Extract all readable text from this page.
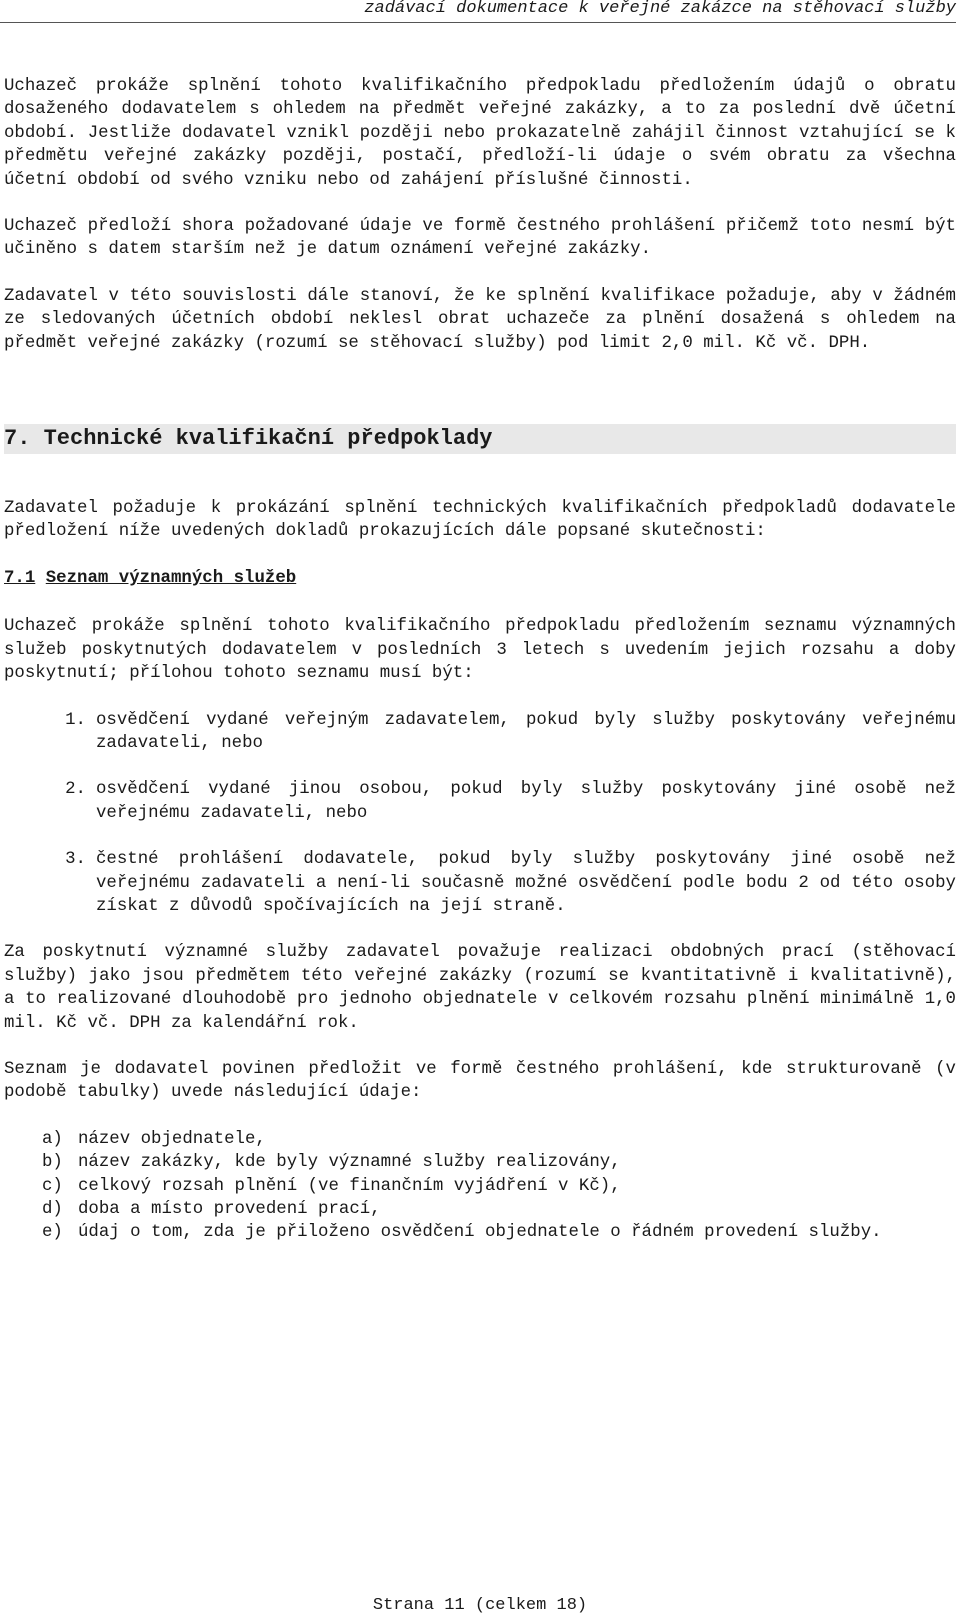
zadávací dokumentace k veřejné zakázce na stěhovací služby

Uchazeč prokáže splnění tohoto kvalifikačního předpokladu předložením údajů o obratu dosaženého dodavatelem s ohledem na předmět veřejné zakázky, a to za poslední dvě účetní období. Jestliže dodavatel vznikl později nebo prokazatelně zahájil činnost vztahující se k předmětu veřejné zakázky později, postačí, předloží-li údaje o svém obratu za všechna účetní období od svého vzniku nebo od zahájení příslušné činnosti.

Uchazeč předloží shora požadované údaje ve formě čestného prohlášení přičemž toto nesmí být učiněno s datem starším než je datum oznámení veřejné zakázky.

Zadavatel v této souvislosti dále stanoví, že ke splnění kvalifikace požaduje, aby v žádném ze sledovaných účetních období neklesl obrat uchazeče za plnění dosažená s ohledem na předmět veřejné zakázky (rozumí se stěhovací služby) pod limit 2,0 mil. Kč vč. DPH.

7. Technické kvalifikační předpoklady

Zadavatel požaduje k prokázání splnění technických kvalifikačních předpokladů dodavatele předložení níže uvedených dokladů prokazujících dále popsané skutečnosti:

7.1 Seznam významných služeb

Uchazeč prokáže splnění tohoto kvalifikačního předpokladu předložením seznamu významných služeb poskytnutých dodavatelem v posledních 3 letech s uvedením jejich rozsahu a doby poskytnutí; přílohou tohoto seznamu musí být:

1. osvědčení vydané veřejným zadavatelem, pokud byly služby poskytovány veřejnému zadavateli, nebo
2. osvědčení vydané jinou osobou, pokud byly služby poskytovány jiné osobě než veřejnému zadavateli, nebo
3. čestné prohlášení dodavatele, pokud byly služby poskytovány jiné osobě než veřejnému zadavateli a není-li současně možné osvědčení podle bodu 2 od této osoby získat z důvodů spočívajících na její straně.

Za poskytnutí významné služby zadavatel považuje realizaci obdobných prací (stěhovací služby) jako jsou předmětem této veřejné zakázky (rozumí se kvantitativně i kvalitativně), a to realizované dlouhodobě pro jednoho objednatele v celkovém rozsahu plnění minimálně 1,0 mil. Kč vč. DPH za kalendářní rok.

Seznam je dodavatel povinen předložit ve formě čestného prohlášení, kde strukturovaně (v podobě tabulky) uvede následující údaje:

a) název objednatele,
b) název zakázky, kde byly významné služby realizovány,
c) celkový rozsah plnění (ve finančním vyjádření v Kč),
d) doba a místo provedení prací,
e) údaj o tom, zda je přiloženo osvědčení objednatele o řádném provedení služby.
Strana 11 (celkem 18)
